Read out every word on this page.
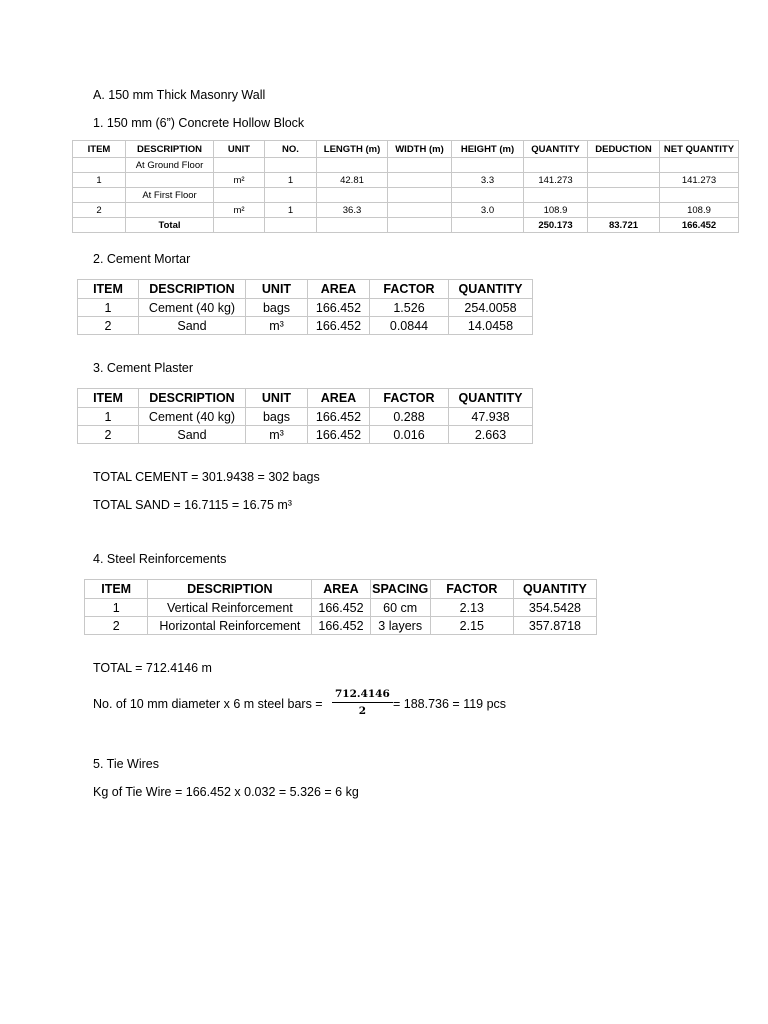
A. 150 mm Thick Masonry Wall
1. 150 mm (6”) Concrete Hollow Block
ITEM	DESCRIPTION	UNIT	NO.	LENGTH (m)	WIDTH (m)	HEIGHT (m)	QUANTITY	DEDUCTION	NET QUANTITY
	At Ground Floor								
1		m²	1	42.81		3.3	141.273		141.273
	At First Floor								
2		m²	1	36.3		3.0	108.9		108.9
	Total						250.173	83.721	166.452
2. Cement Mortar
ITEM	DESCRIPTION	UNIT	AREA	FACTOR	QUANTITY
1	Cement (40 kg)	bags	166.452	1.526	254.0058
2	Sand	m³	166.452	0.0844	14.0458
3. Cement Plaster
ITEM	DESCRIPTION	UNIT	AREA	FACTOR	QUANTITY
1	Cement (40 kg)	bags	166.452	0.288	47.938
2	Sand	m³	166.452	0.016	2.663
TOTAL CEMENT = 301.9438 = 302 bags
TOTAL SAND = 16.7115 = 16.75 m³
4. Steel Reinforcements
ITEM	DESCRIPTION	AREA	SPACING	FACTOR	QUANTITY
1	Vertical Reinforcement	166.452	60 cm	2.13	354.5428
2	Horizontal Reinforcement	166.452	3 layers	2.15	357.8718
TOTAL = 712.4146 m
No. of 10 mm diameter x 6 m steel bars = $\frac{712.4146}{2} = 188.736 = 119$ pcs
5. Tie Wires
Kg of Tie Wire = 166.452 x 0.032 = 5.326 = 6 kg
